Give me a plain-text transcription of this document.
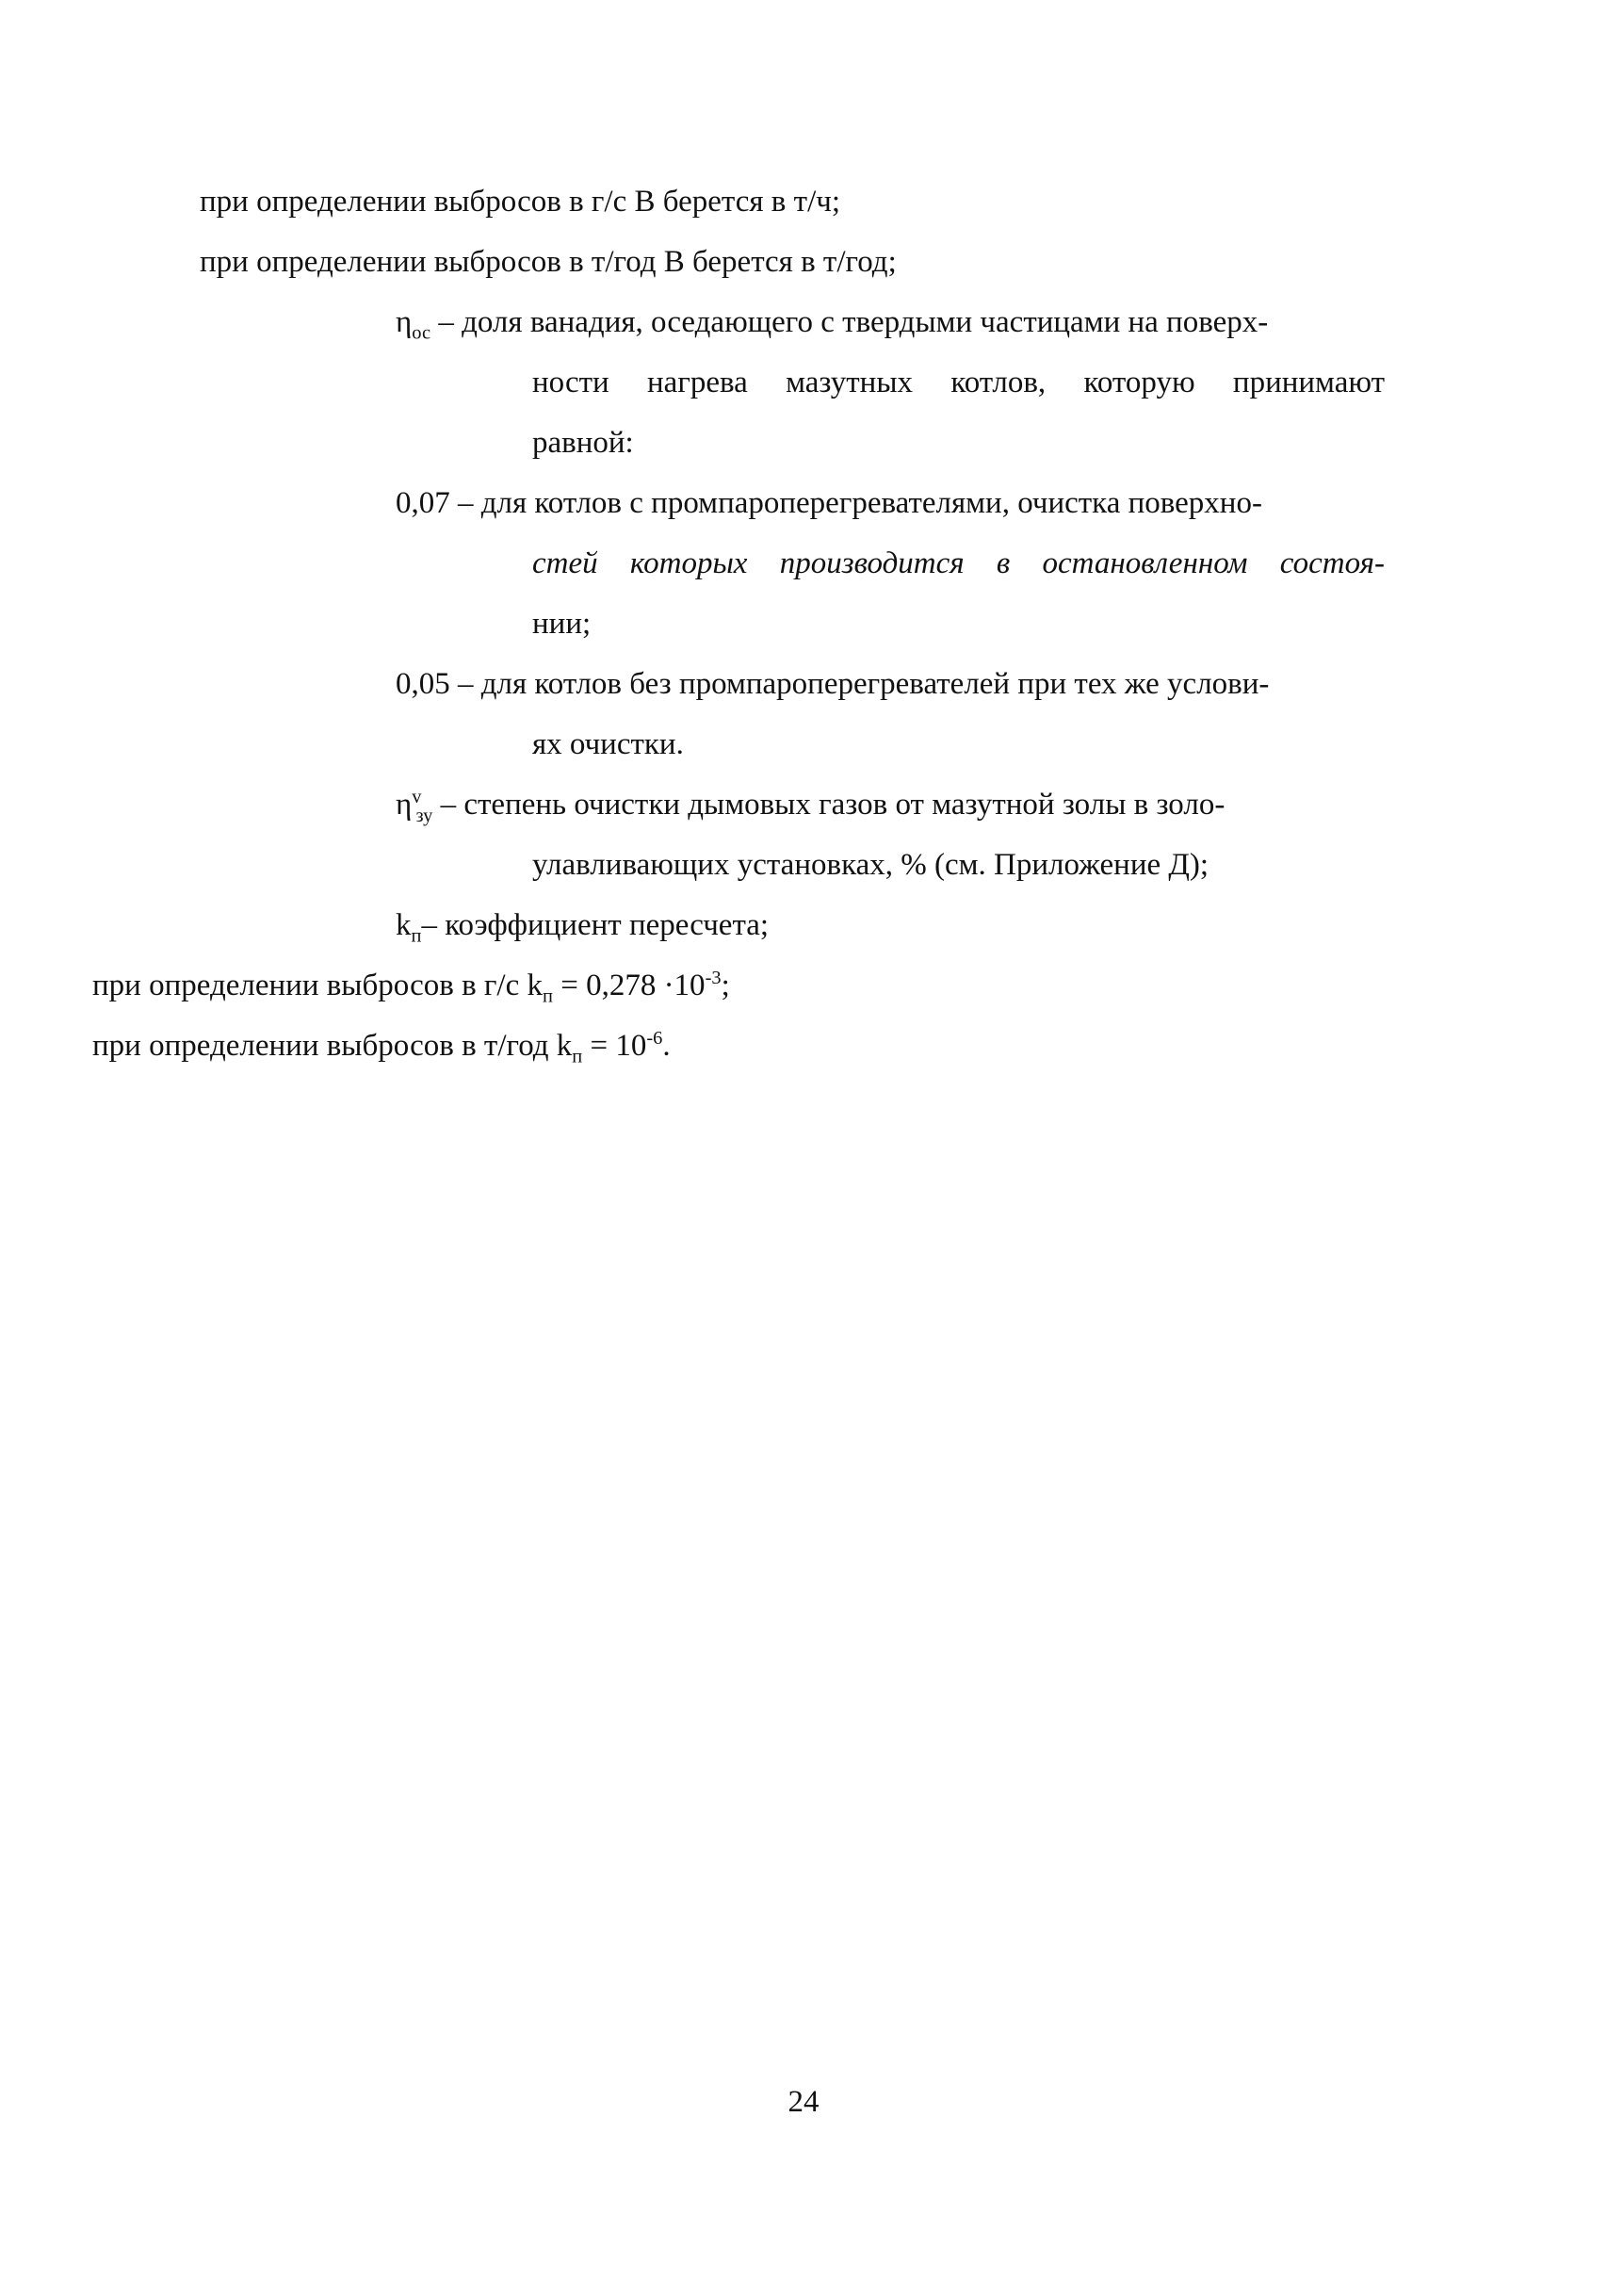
при определении выбросов в г/с В берется в т/ч;
при определении выбросов в т/год В берется в т/год;
$\eta_{ос}$ – доля ванадия, оседающего с твердыми частицами на поверх-
ности нагрева мазутных котлов, которую принимают
равной:
0,07 – для котлов с промпароперегревателями, очистка поверхно-
стей которых производится в остановленном состоя-
нии;
0,05 – для котлов без промпароперегревателей при тех же услови-
ях очистки.
$\eta^v_{зу}$ – степень очистки дымовых газов от мазутной золы в золо-
улавливающих установках, % (см. Приложение Д);
$k_п-$ коэффициент пересчета;
при определении выбросов в г/с $k_п = 0,278 \cdot 10^{-3}$;
при определении выбросов в т/год $k_п = 10^{-6}$.
24
